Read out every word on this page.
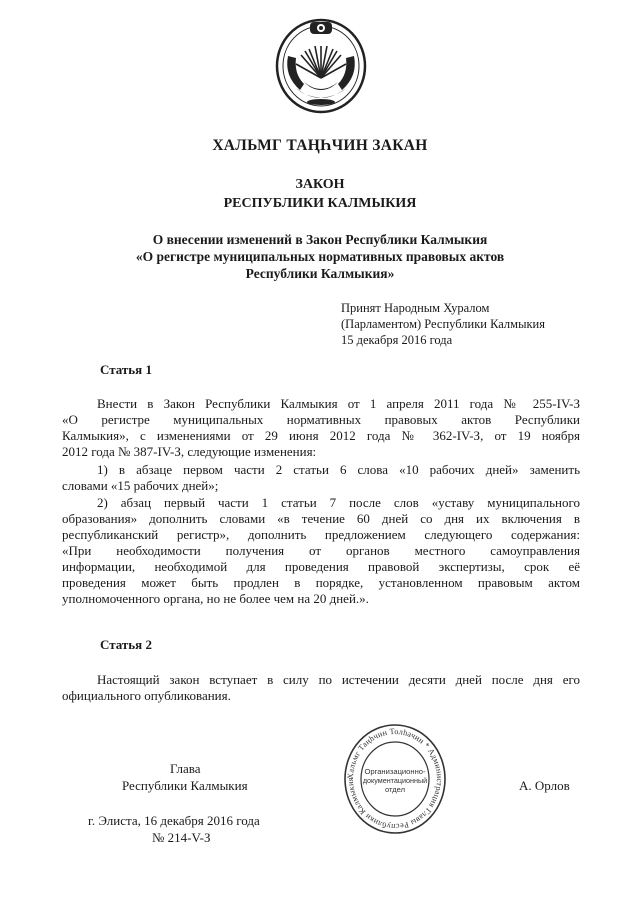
ХАЛЬМГ ТАҢҺЧИН ЗАКАН
ЗАКОН
РЕСПУБЛИКИ КАЛМЫКИЯ
О внесении изменений в Закон Республики Калмыкия
«О регистре муниципальных нормативных правовых актов
Республики Калмыкия»
Принят Народным Хуралом
(Парламентом) Республики Калмыкия
15 декабря 2016 года
Статья 1
Внести в Закон Республики Калмыкия от 1 апреля 2011 года № 255-IV-З
«О регистре муниципальных нормативных правовых актов Республики
Калмыкия», с изменениями от 29 июня 2012 года № 362-IV-З, от 19 ноября
2012 года № 387-IV-З, следующие изменения:
1) в абзаце первом части 2 статьи 6 слова «10 рабочих дней» заменить
словами «15 рабочих дней»;
2) абзац первый части 1 статьи 7 после слов «уставу муниципального
образования» дополнить словами «в течение 60 дней со дня их включения в
республиканский регистр», дополнить предложением следующего содержания:
«При необходимости получения от органов местного самоуправления
информации, необходимой для проведения правовой экспертизы, срок её
проведения может быть продлен в порядке, установленном правовым актом
уполномоченного органа, но не более чем на 20 дней.».
Статья 2
Настоящий закон вступает в силу по истечении десяти дней после дня его
официального опубликования.
Глава
Республики Калмыкия	А. Орлов
г. Элиста, 16 декабря 2016 года
№ 214-V-З
Хальмг Таңһчин Толһачин * Администрация Главы Республики Калмыкия
Организационно-
документационный
отдел
